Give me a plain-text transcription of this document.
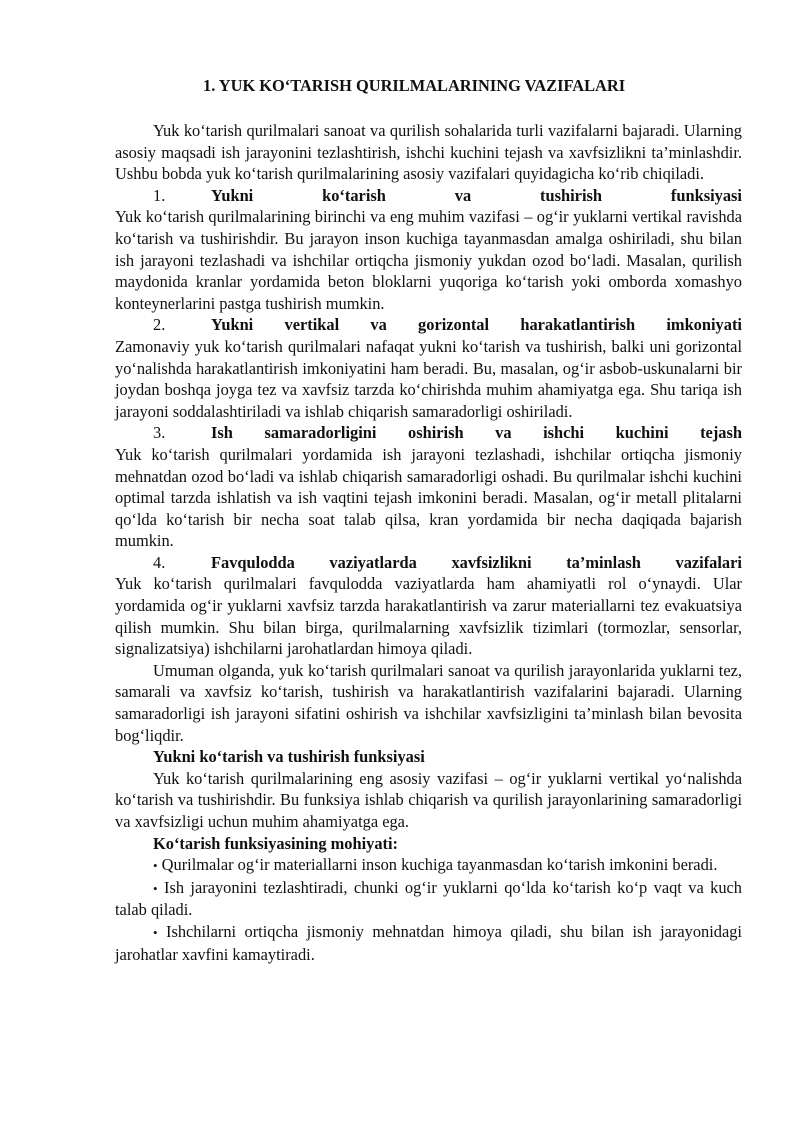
1. YUK KO‘TARISH QURILMALARINING VAZIFALARI

Yuk ko‘tarish qurilmalari sanoat va qurilish sohalarida turli vazifalarni bajaradi. Ularning asosiy maqsadi ish jarayonini tezlashtirish, ishchi kuchini tejash va xavfsizlikni ta’minlashdir. Ushbu bobda yuk ko‘tarish qurilmalarining asosiy vazifalari quyidagicha ko‘rib chiqiladi.

1.	Yukni	ko‘tarish	va	tushirish	funksiyasi

Yuk ko‘tarish qurilmalarining birinchi va eng muhim vazifasi – og‘ir yuklarni vertikal ravishda ko‘tarish va tushirishdir. Bu jarayon inson kuchiga tayanmasdan amalga oshiriladi, shu bilan ish jarayoni tezlashadi va ishchilar ortiqcha jismoniy yukdan ozod bo‘ladi. Masalan, qurilish maydonida kranlar yordamida beton bloklarni yuqoriga ko‘tarish yoki omborda xomashyo konteynerlarini pastga tushirish mumkin.

2.	Yukni vertikal va gorizontal harakatlantirish imkoniyati

Zamonaviy yuk ko‘tarish qurilmalari nafaqat yukni ko‘tarish va tushirish, balki uni gorizontal yo‘nalishda harakatlantirish imkoniyatini ham beradi. Bu, masalan, og‘ir asbob-uskunalarni bir joydan boshqa joyga tez va xavfsiz tarzda ko‘chirishda muhim ahamiyatga ega. Shu tariqa ish jarayoni soddalashtiriladi va ishlab chiqarish samaradorligi oshiriladi.

3.	Ish samaradorligini oshirish va ishchi kuchini tejash

Yuk ko‘tarish qurilmalari yordamida ish jarayoni tezlashadi, ishchilar ortiqcha jismoniy mehnatdan ozod bo‘ladi va ishlab chiqarish samaradorligi oshadi. Bu qurilmalar ishchi kuchini optimal tarzda ishlatish va ish vaqtini tejash imkonini beradi. Masalan, og‘ir metall plitalarni qo‘lda ko‘tarish bir necha soat talab qilsa, kran yordamida bir necha daqiqada bajarish mumkin.

4.	Favqulodda vaziyatlarda xavfsizlikni ta’minlash vazifalari

Yuk ko‘tarish qurilmalari favqulodda vaziyatlarda ham ahamiyatli rol o‘ynaydi. Ular yordamida og‘ir yuklarni xavfsiz tarzda harakatlantirish va zarur materiallarni tez evakuatsiya qilish mumkin. Shu bilan birga, qurilmalarning xavfsizlik tizimlari (tormozlar, sensorlar, signalizatsiya) ishchilarni jarohatlardan himoya qiladi.

Umuman olganda, yuk ko‘tarish qurilmalari sanoat va qurilish jarayonlarida yuklarni tez, samarali va xavfsiz ko‘tarish, tushirish va harakatlantirish vazifalarini bajaradi. Ularning samaradorligi ish jarayoni sifatini oshirish va ishchilar xavfsizligini ta’minlash bilan bevosita bog‘liqdir.

Yukni ko‘tarish va tushirish funksiyasi

Yuk ko‘tarish qurilmalarining eng asosiy vazifasi – og‘ir yuklarni vertikal yo‘nalishda ko‘tarish va tushirishdir. Bu funksiya ishlab chiqarish va qurilish jarayonlarining samaradorligi va xavfsizligi uchun muhim ahamiyatga ega.

Ko‘tarish funksiyasining mohiyati:

• Qurilmalar og‘ir materiallarni inson kuchiga tayanmasdan ko‘tarish imkonini beradi.

• Ish jarayonini tezlashtiradi, chunki og‘ir yuklarni qo‘lda ko‘tarish ko‘p vaqt va kuch talab qiladi.

• Ishchilarni ortiqcha jismoniy mehnatdan himoya qiladi, shu bilan ish jarayonidagi jarohatlar xavfini kamaytiradi.
